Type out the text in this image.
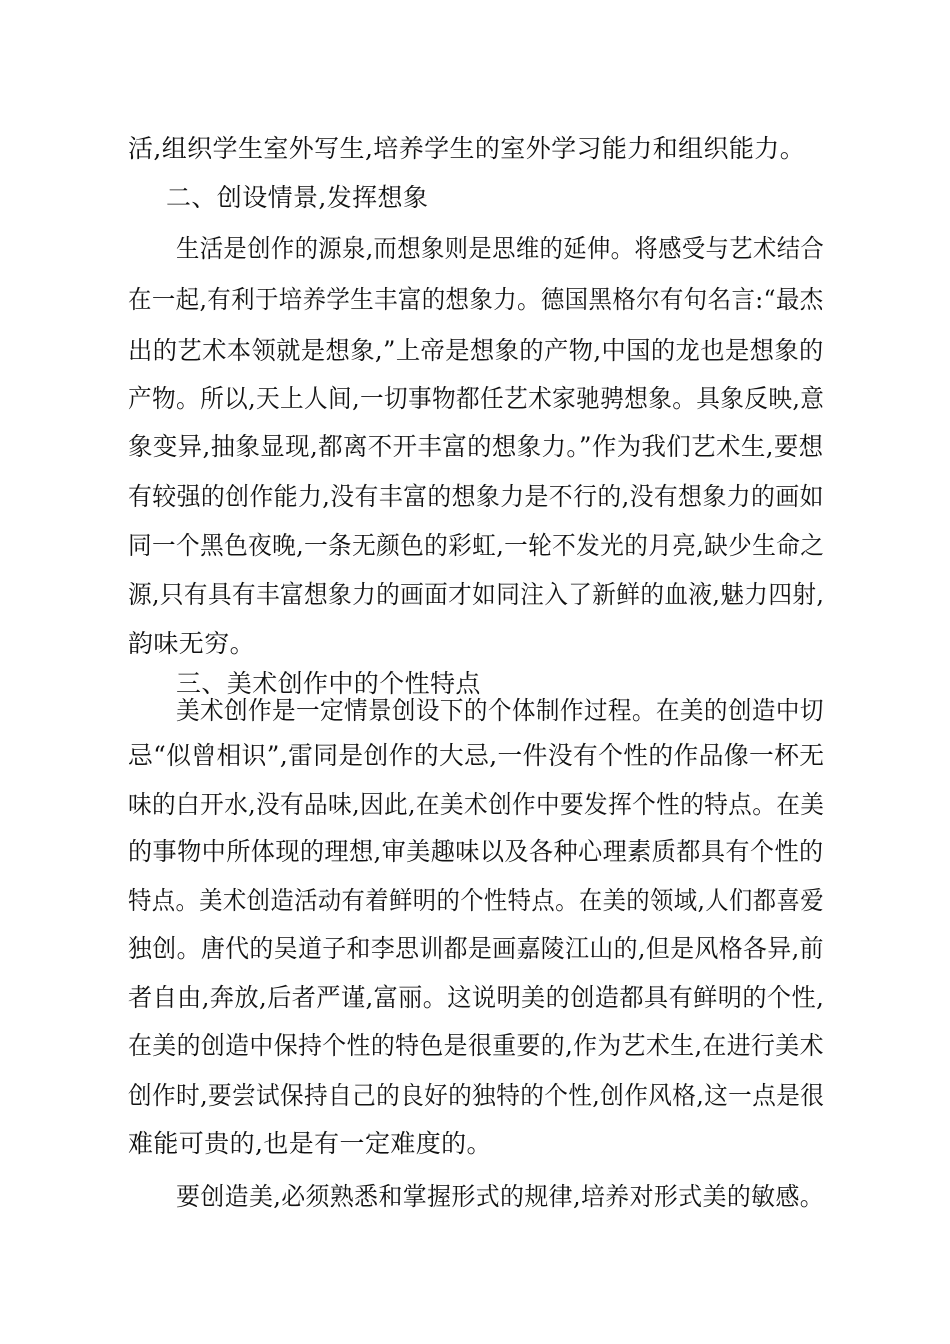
活,组织学生室外写生,培养学生的室外学习能力和组织能力。
二、创设情景,发挥想象
生活是创作的源泉,而想象则是思维的延伸。将感受与艺术结合
在一起,有利于培养学生丰富的想象力。德国黑格尔有句名言:“最杰
出的艺术本领就是想象,”上帝是想象的产物,中国的龙也是想象的
产物。所以,天上人间,一切事物都任艺术家驰骋想象。具象反映,意
象变异,抽象显现,都离不开丰富的想象力。”作为我们艺术生,要想
有较强的创作能力,没有丰富的想象力是不行的,没有想象力的画如
同一个黑色夜晚,一条无颜色的彩虹,一轮不发光的月亮,缺少生命之
源,只有具有丰富想象力的画面才如同注入了新鲜的血液,魅力四射,
韵味无穷。
三、美术创作中的个性特点
美术创作是一定情景创设下的个体制作过程。在美的创造中切
忌“似曾相识”,雷同是创作的大忌,一件没有个性的作品像一杯无
味的白开水,没有品味,因此,在美术创作中要发挥个性的特点。在美
的事物中所体现的理想,审美趣味以及各种心理素质都具有个性的
特点。美术创造活动有着鲜明的个性特点。在美的领域,人们都喜爱
独创。唐代的吴道子和李思训都是画嘉陵江山的,但是风格各异,前
者自由,奔放,后者严谨,富丽。这说明美的创造都具有鲜明的个性,
在美的创造中保持个性的特色是很重要的,作为艺术生,在进行美术
创作时,要尝试保持自己的良好的独特的个性,创作风格,这一点是很
难能可贵的,也是有一定难度的。
要创造美,必须熟悉和掌握形式的规律,培养对形式美的敏感。
